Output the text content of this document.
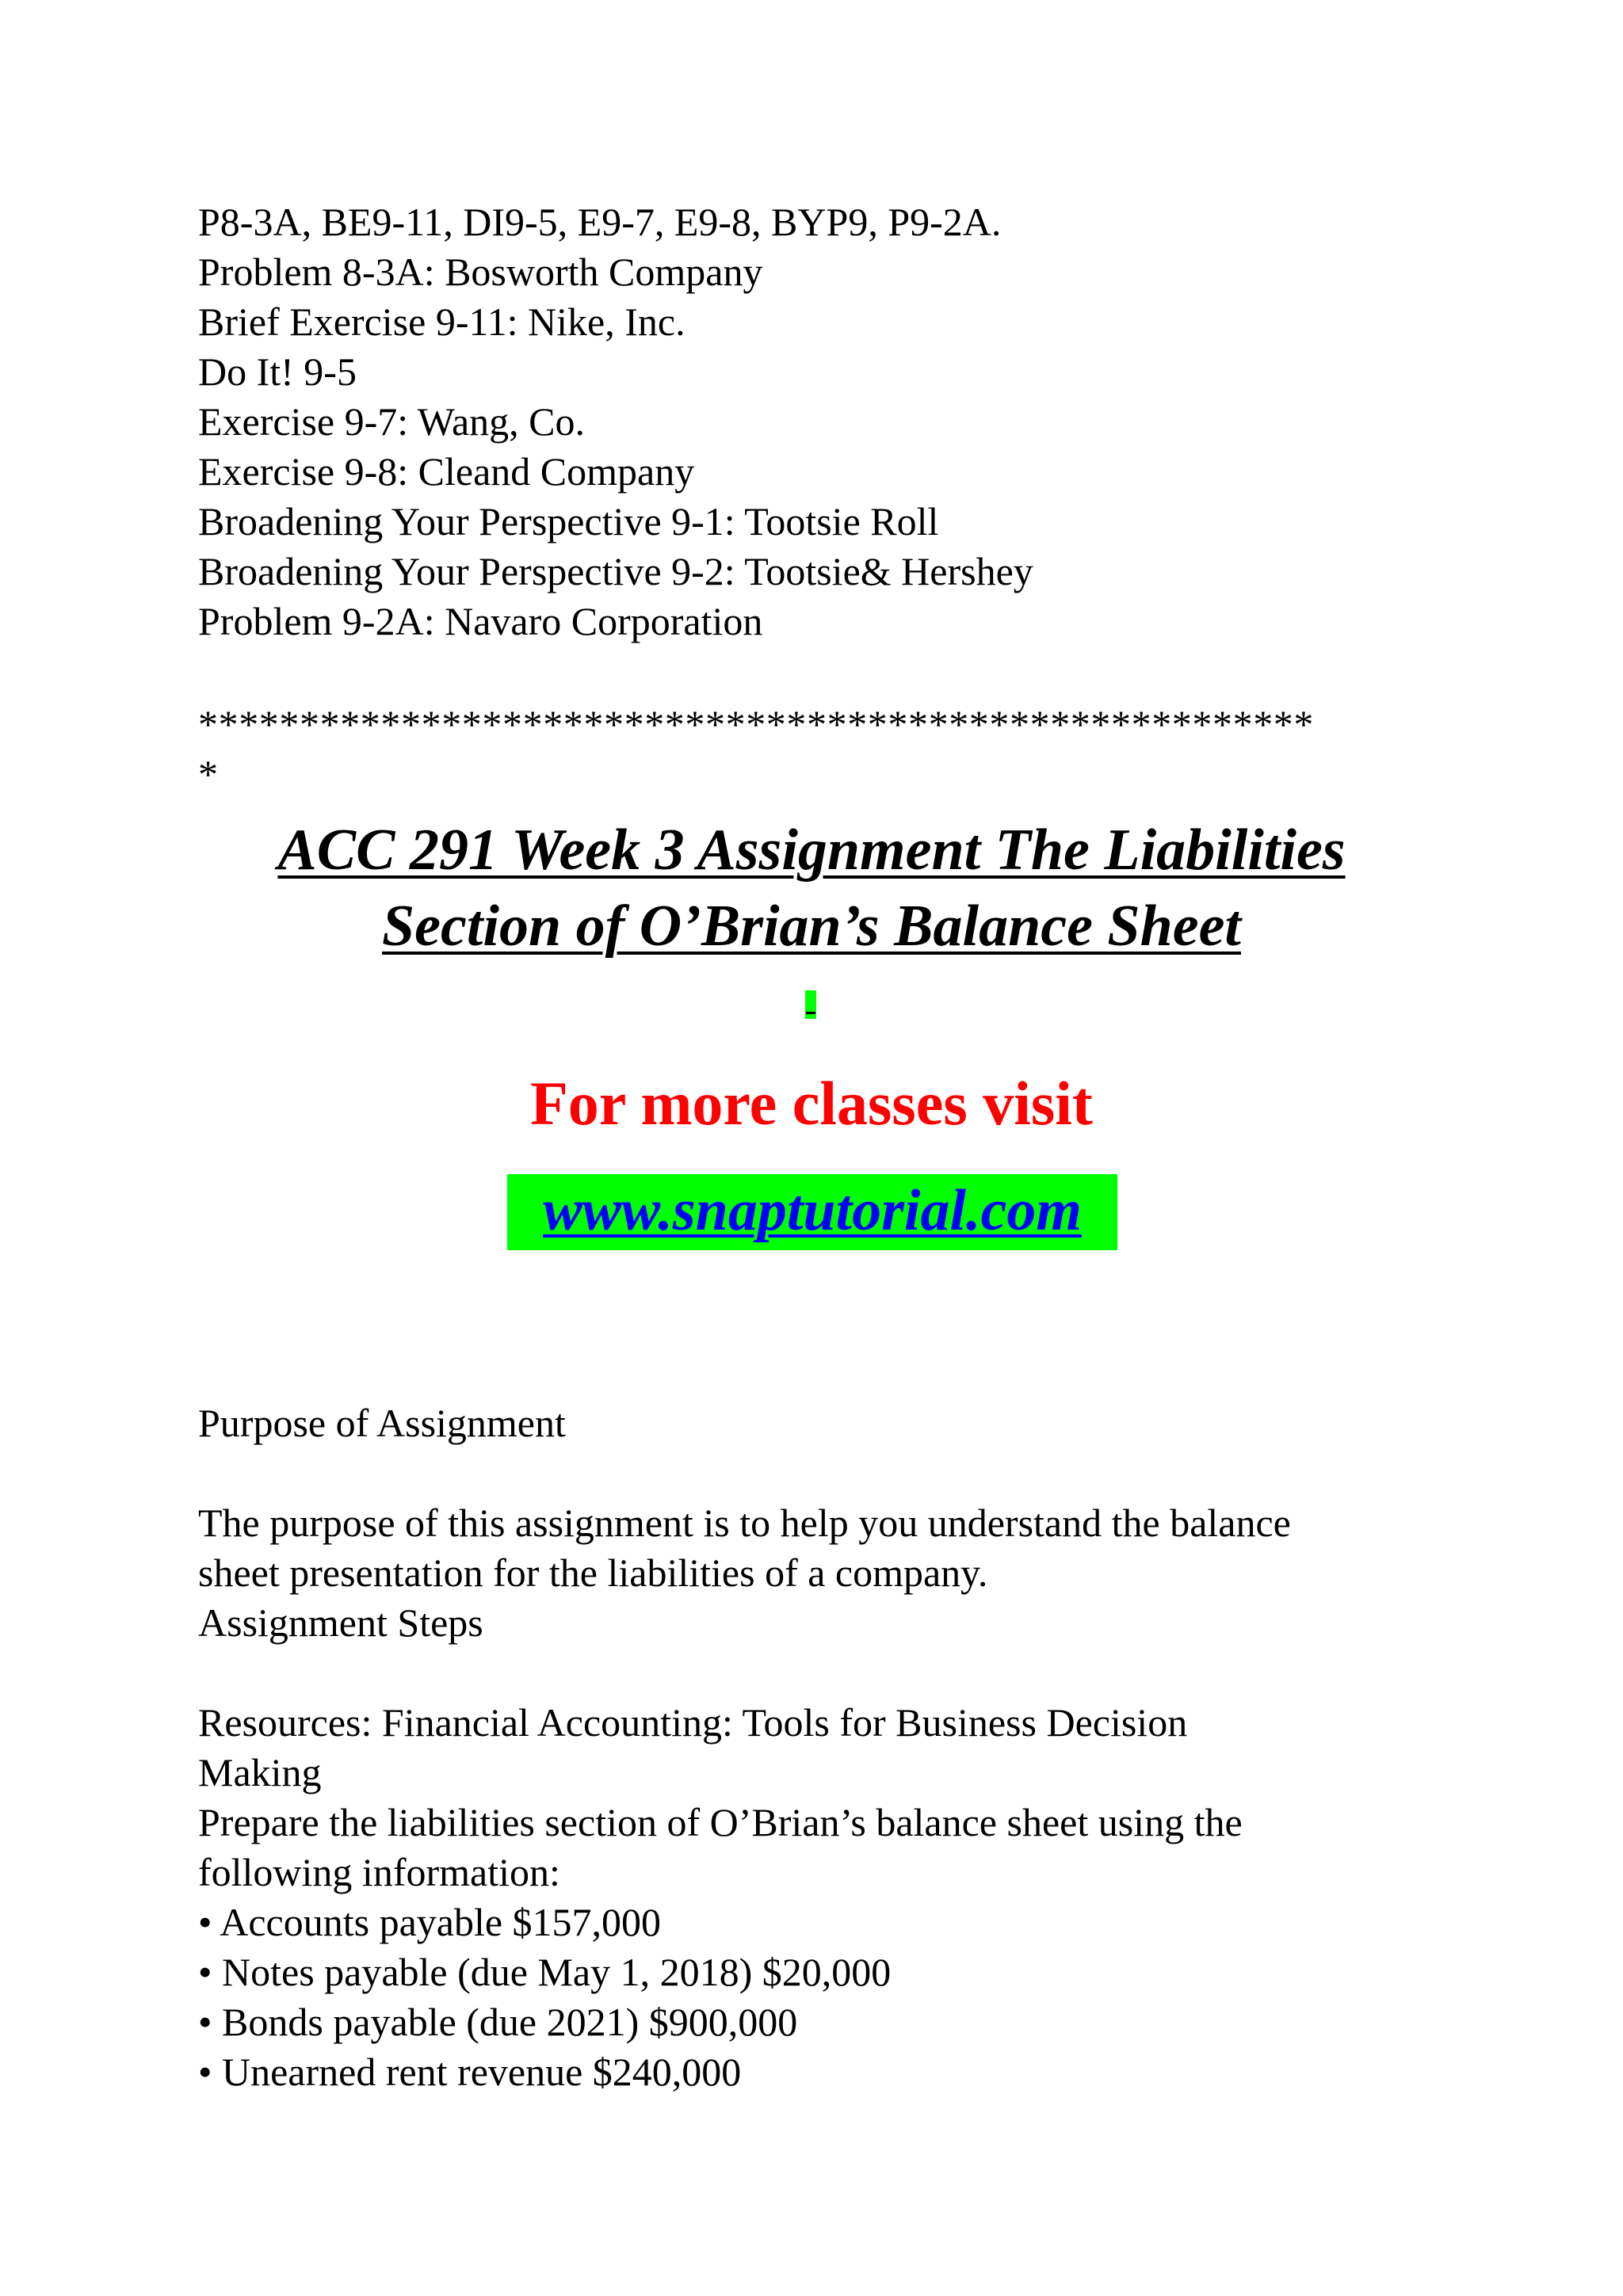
P8-3A, BE9-11, DI9-5, E9-7, E9-8, BYP9, P9-2A.
Problem 8-3A: Bosworth Company
Brief Exercise 9-11: Nike, Inc.
Do It! 9-5
Exercise 9-7: Wang, Co.
Exercise 9-8: Cleand Company
Broadening Your Perspective 9-1: Tootsie Roll
Broadening Your Perspective 9-2: Tootsie& Hershey
Problem 9-2A: Navaro Corporation
*******************************************************
*
ACC 291 Week 3 Assignment The Liabilities
Section of O’Brian’s Balance Sheet
For more classes visit
www.snaptutorial.com
Purpose of Assignment
The purpose of this assignment is to help you understand the balance
sheet presentation for the liabilities of a company.
Assignment Steps
Resources: Financial Accounting: Tools for Business Decision
Making
Prepare the liabilities section of O’Brian’s balance sheet using the
following information:
• Accounts payable $157,000
• Notes payable (due May 1, 2018) $20,000
• Bonds payable (due 2021) $900,000
• Unearned rent revenue $240,000
